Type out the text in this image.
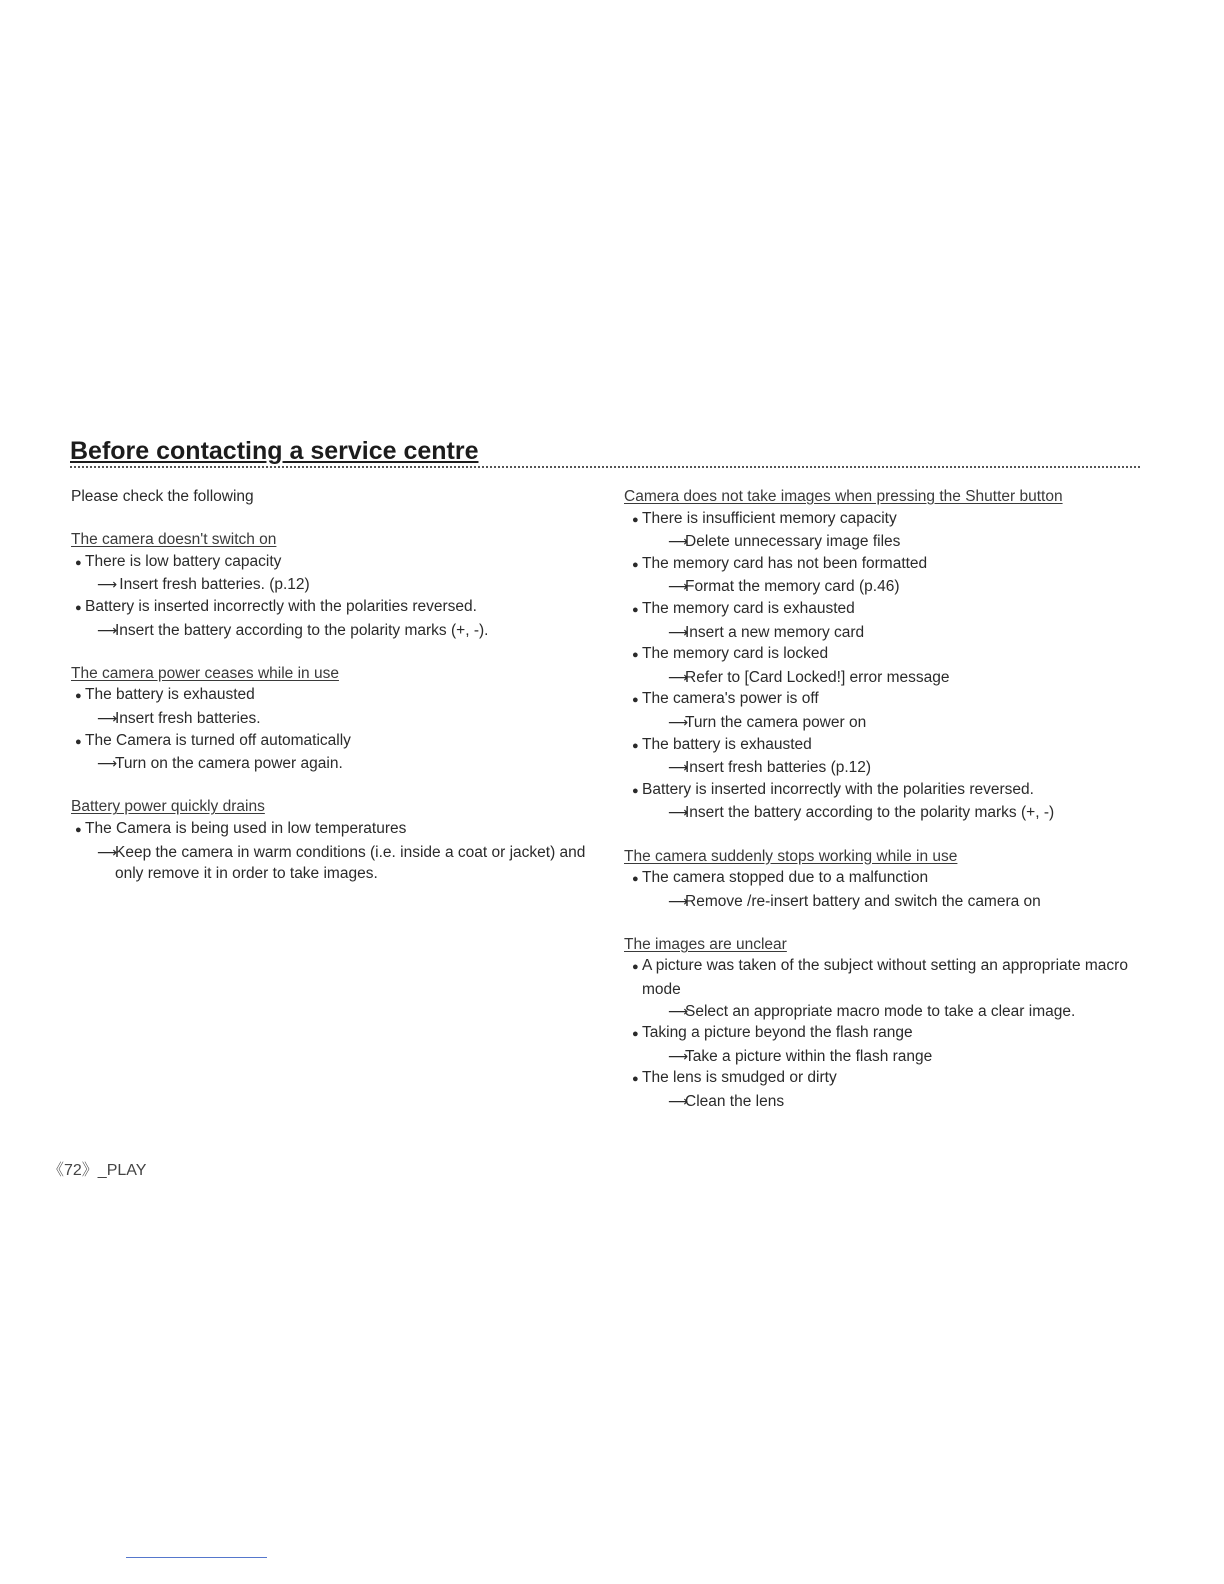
Before contacting a service centre
Please check the following
The camera doesn't switch on
● There is low battery capacity
⟶ Insert fresh batteries. (p.12)
● Battery is inserted incorrectly with the polarities reversed.
⟶Insert the battery according to the polarity marks (+, -).
The camera power ceases while in use
● The battery is exhausted
⟶Insert fresh batteries.
● The Camera is turned off automatically
⟶Turn on the camera power again.
Battery power quickly drains
● The Camera is being used in low temperatures
⟶Keep the camera in warm conditions (i.e. inside a coat or jacket) and only remove it in order to take images.
Camera does not take images when pressing the Shutter button
● There is insufficient memory capacity
⟶Delete unnecessary image files
● The memory card has not been formatted
⟶Format the memory card (p.46)
● The memory card is exhausted
⟶Insert a new memory card
● The memory card is locked
⟶Refer to [Card Locked!] error message
● The camera's power is off
⟶Turn the camera power on
● The battery is exhausted
⟶Insert fresh batteries (p.12)
● Battery is inserted incorrectly with the polarities reversed.
⟶Insert the battery according to the polarity marks (+, -)
The camera suddenly stops working while in use
● The camera stopped due to a malfunction
⟶Remove /re-insert battery and switch the camera on
The images are unclear
● A picture was taken of the subject without setting an appropriate macro mode
⟶Select an appropriate macro mode to take a clear image.
● Taking a picture beyond the flash range
⟶Take a picture within the flash range
● The lens is smudged or dirty
⟶Clean the lens
《72》_PLAY
